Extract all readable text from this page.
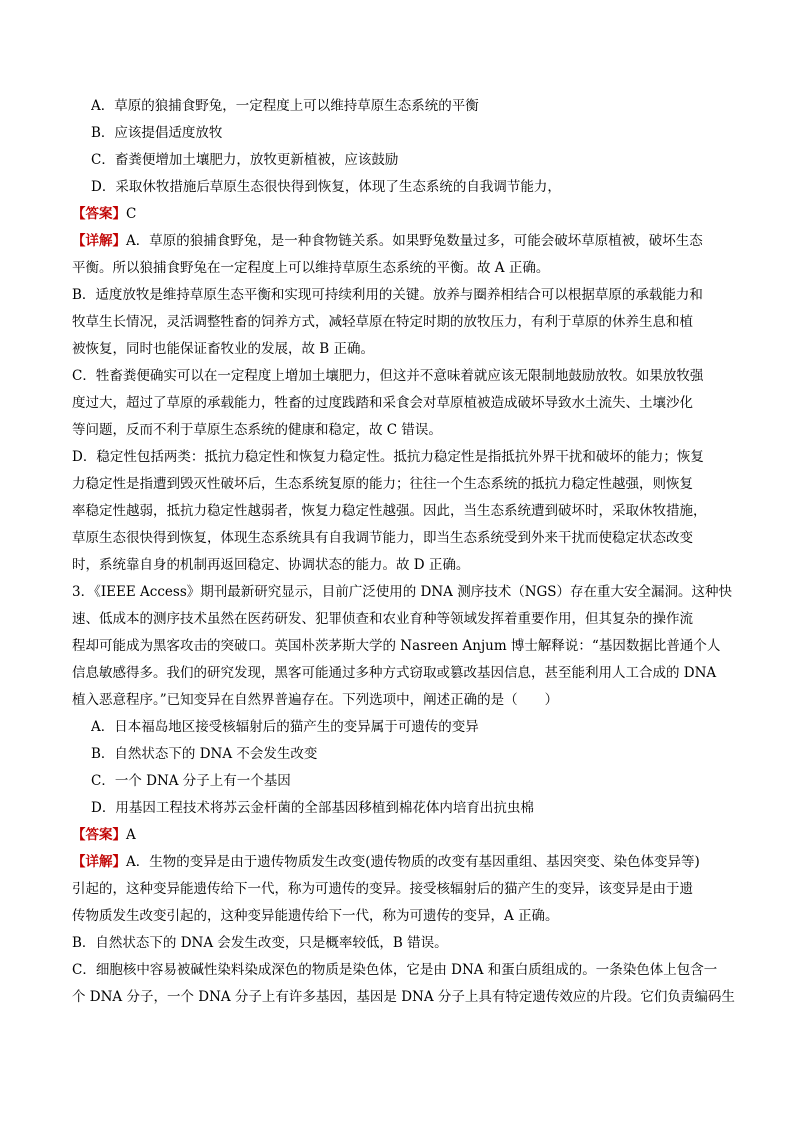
A．草原的狼捕食野兔，一定程度上可以维持草原生态系统的平衡
B．应该提倡适度放牧
C．畜粪便增加土壤肥力，放牧更新植被，应该鼓励
D．采取休牧措施后草原生态很快得到恢复，体现了生态系统的自我调节能力，
【答案】C
【详解】A．草原的狼捕食野兔，是一种食物链关系。如果野兔数量过多，可能会破坏草原植被，破坏生态
平衡。所以狼捕食野兔在一定程度上可以维持草原生态系统的平衡。故 A 正确。
B．适度放牧是维持草原生态平衡和实现可持续利用的关键。放养与圈养相结合可以根据草原的承载能力和
牧草生长情况，灵活调整牲畜的饲养方式，减轻草原在特定时期的放牧压力，有利于草原的休养生息和植
被恢复，同时也能保证畜牧业的发展，故 B 正确。
C．牲畜粪便确实可以在一定程度上增加土壤肥力，但这并不意味着就应该无限制地鼓励放牧。如果放牧强
度过大，超过了草原的承载能力，牲畜的过度践踏和采食会对草原植被造成破坏导致水土流失、土壤沙化
等问题，反而不利于草原生态系统的健康和稳定，故 C 错误。
D．稳定性包括两类：抵抗力稳定性和恢复力稳定性。抵抗力稳定性是指抵抗外界干扰和破坏的能力；恢复
力稳定性是指遭到毁灭性破坏后，生态系统复原的能力；往往一个生态系统的抵抗力稳定性越强，则恢复
率稳定性越弱，抵抗力稳定性越弱者，恢复力稳定性越强。因此，当生态系统遭到破坏时，采取休牧措施，
草原生态很快得到恢复，体现生态系统具有自我调节能力，即当生态系统受到外来干扰而使稳定状态改变
时，系统靠自身的机制再返回稳定、协调状态的能力。故 D 正确。
3．《IEEE Access》期刊最新研究显示，目前广泛使用的 DNA 测序技术（NGS）存在重大安全漏洞。这种快
速、低成本的测序技术虽然在医药研发、犯罪侦查和农业育种等领域发挥着重要作用，但其复杂的操作流
程却可能成为黑客攻击的突破口。英国朴茨茅斯大学的 Nasreen Anjum 博士解释说：“基因数据比普通个人
信息敏感得多。我们的研究发现，黑客可能通过多种方式窃取或篡改基因信息，甚至能利用人工合成的 DNA
植入恶意程序。”已知变异在自然界普遍存在。下列选项中，阐述正确的是（　　）
A．日本福岛地区接受核辐射后的猫产生的变异属于可遗传的变异
B．自然状态下的 DNA 不会发生改变
C．一个 DNA 分子上有一个基因
D．用基因工程技术将苏云金杆菌的全部基因移植到棉花体内培育出抗虫棉
【答案】A
【详解】A．生物的变异是由于遗传物质发生改变(遗传物质的改变有基因重组、基因突变、染色体变异等)
引起的，这种变异能遗传给下一代，称为可遗传的变异。接受核辐射后的猫产生的变异，该变异是由于遗
传物质发生改变引起的，这种变异能遗传给下一代，称为可遗传的变异，A 正确。
B．自然状态下的 DNA 会发生改变，只是概率较低，B 错误。
C．细胞核中容易被碱性染料染成深色的物质是染色体，它是由 DNA 和蛋白质组成的。一条染色体上包含一
个 DNA 分子，一个 DNA 分子上有许多基因，基因是 DNA 分子上具有特定遗传效应的片段。它们负责编码生
